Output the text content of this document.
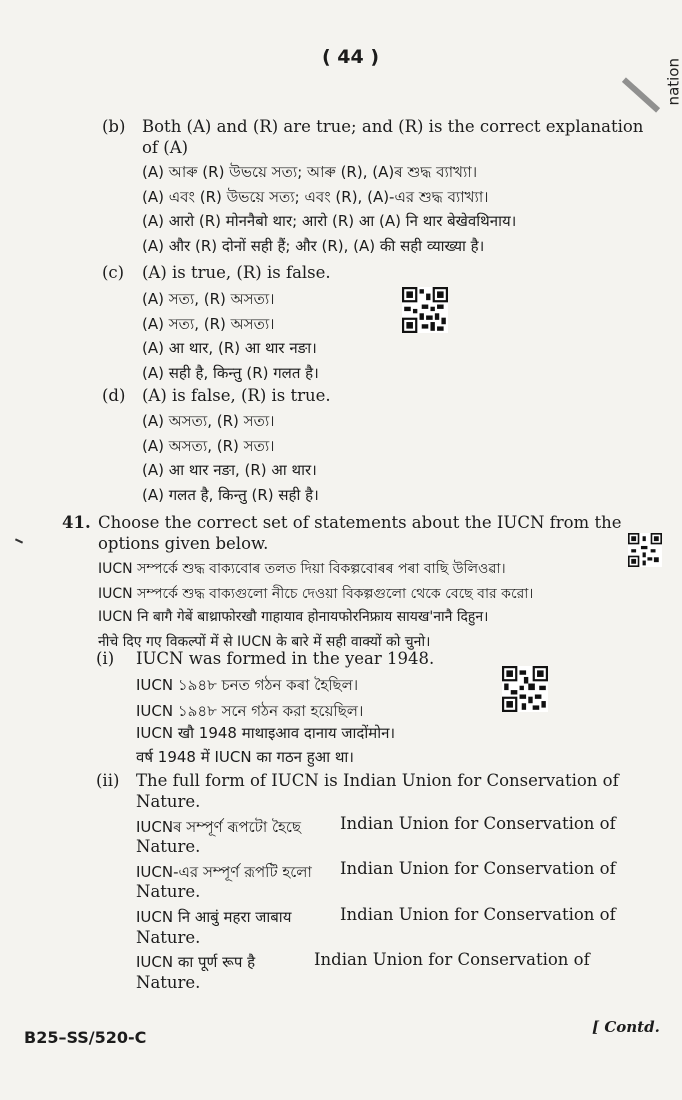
( 44 )
nation
(b) Both (A) and (R) are true; and (R) is the correct explanation
of (A)
(A) আৰু (R) উভয়ে সত্য; আৰু (R), (A)ৰ শুদ্ধ ব্যাখ্যা।
(A) এবং (R) উভয়ে সত্য; এবং (R), (A)-এর শুদ্ধ ব্যাখ্যা।
(A) आरो (R) मोननैबो थार; आरो (R) आ (A) नि थार बेखेवथिनाय।
(A) और (R) दोनों सही हैं; और (R), (A) की सही व्याख्या है।
(c) (A) is true, (R) is false.
(A) সত্য, (R) অসত্য।
(A) সত্য, (R) অসত্য।
(A) आ थार, (R) आ थार नङा।
(A) सही है, किन्तु (R) गलत है।
(d) (A) is false, (R) is true.
(A) অসত্য, (R) সত্য।
(A) অসত্য, (R) সত্য।
(A) आ थार नङा, (R) आ थार।
(A) गलत है, किन्तु (R) सही है।
41. Choose the correct set of statements about the IUCN from the
options given below.
IUCN সম্পৰ্কে শুদ্ধ বাক্যবোৰ তলত দিয়া বিকল্পবোৰৰ পৰা বাছি উলিওৱা।
IUCN সম্পর্কে শুদ্ধ বাক্যগুলো নীচে দেওয়া বিকল্পগুলো থেকে বেছে বার করো।
IUCN नि बागै गेबें बाथ्राफोरखौ गाहायाव होनायफोरनिफ्राय सायख'नानै दिहुन।
नीचे दिए गए विकल्पों में से IUCN के बारे में सही वाक्यों को चुनो।
(i) IUCN was formed in the year 1948.
IUCN ১৯৪৮ চনত গঠন কৰা হৈছিল।
IUCN ১৯৪৮ সনে গঠন করা হয়েছিল।
IUCN खौ 1948 माथाइआव दानाय जादोंमोन।
वर्ष 1948 में IUCN का गठन हुआ था।
(ii) The full form of IUCN is Indian Union for Conservation of
Nature.
IUCNৰ সম্পূৰ্ণ ৰূপটো হৈছে Indian Union for Conservation of
Nature.
IUCN-এর সম্পূর্ণ রূপটি হলো Indian Union for Conservation of
Nature.
IUCN नि आबुं महरा जाबाय	Indian Union for Conservation of
Nature.
IUCN का पूर्ण रूप है	Indian Union for Conservation of
Nature.
B25–SS/520-C
[ Contd.
